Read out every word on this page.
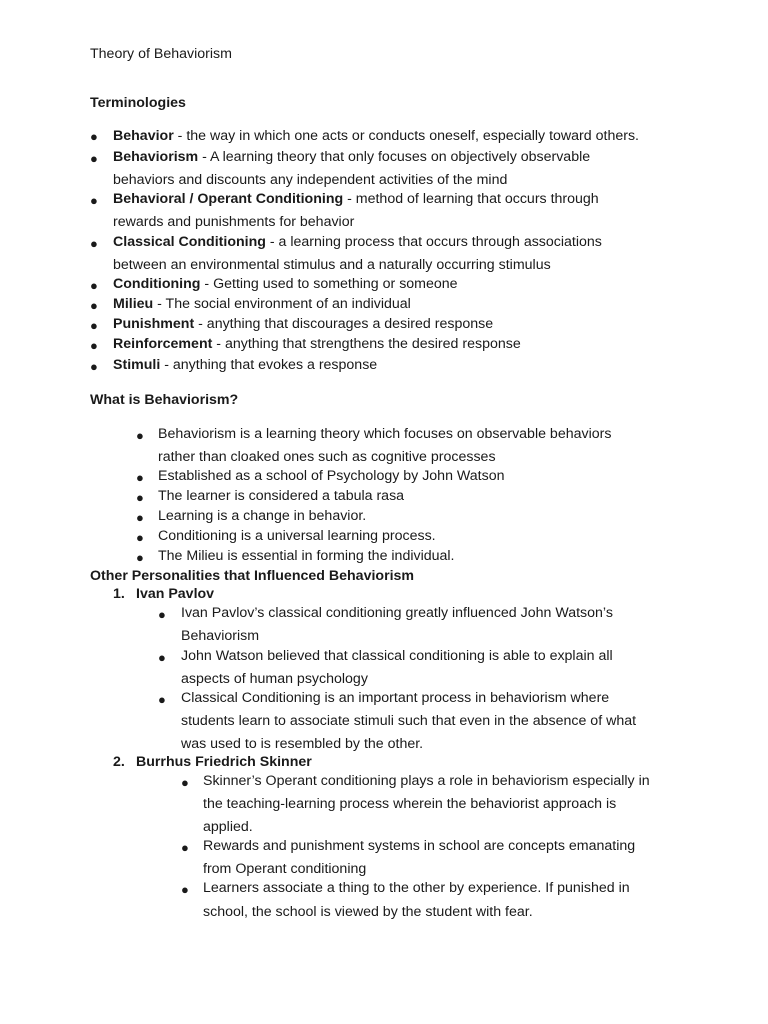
Theory of Behaviorism
Terminologies
● Behavior - the way in which one acts or conducts oneself, especially toward others.
● Behaviorism - A learning theory that only focuses on objectively observable
behaviors and discounts any independent activities of the mind
● Behavioral / Operant Conditioning - method of learning that occurs through
rewards and punishments for behavior
● Classical Conditioning - a learning process that occurs through associations
between an environmental stimulus and a naturally occurring stimulus
● Conditioning - Getting used to something or someone
● Milieu - The social environment of an individual
● Punishment - anything that discourages a desired response
● Reinforcement - anything that strengthens the desired response
● Stimuli - anything that evokes a response
What is Behaviorism?
● Behaviorism is a learning theory which focuses on observable behaviors
rather than cloaked ones such as cognitive processes
● Established as a school of Psychology by John Watson
● The learner is considered a tabula rasa
● Learning is a change in behavior.
● Conditioning is a universal learning process.
● The Milieu is essential in forming the individual.
Other Personalities that Influenced Behaviorism
1. Ivan Pavlov
● Ivan Pavlov’s classical conditioning greatly influenced John Watson’s
Behaviorism
● John Watson believed that classical conditioning is able to explain all
aspects of human psychology
● Classical Conditioning is an important process in behaviorism where
students learn to associate stimuli such that even in the absence of what
was used to is resembled by the other.
2. Burrhus Friedrich Skinner
● Skinner’s Operant conditioning plays a role in behaviorism especially in
the teaching-learning process wherein the behaviorist approach is
applied.
● Rewards and punishment systems in school are concepts emanating
from Operant conditioning
● Learners associate a thing to the other by experience. If punished in
school, the school is viewed by the student with fear.
